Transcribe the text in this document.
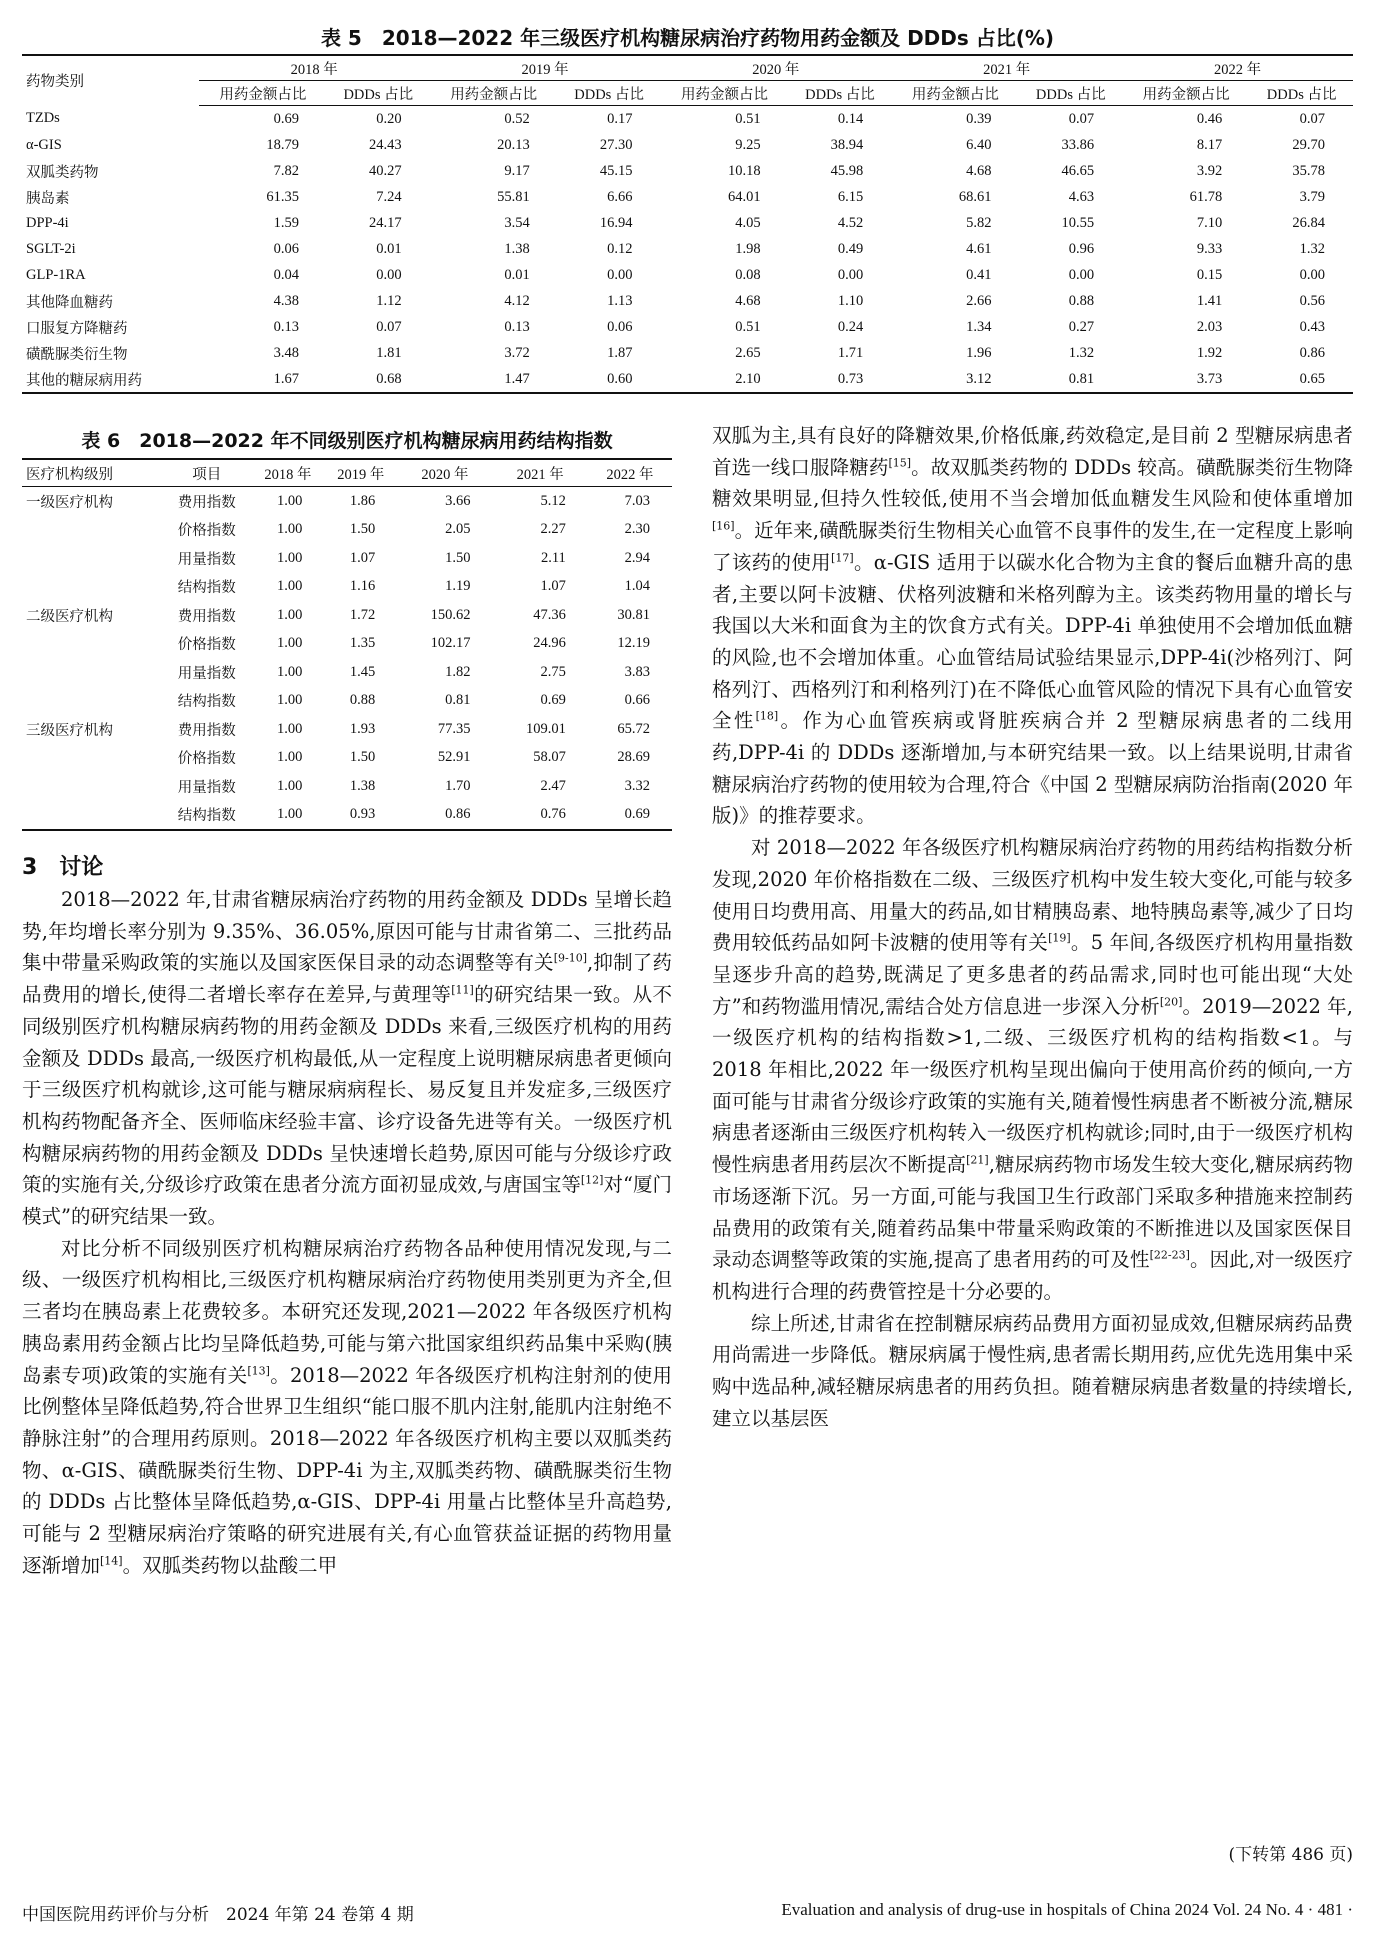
表 5　2018—2022 年三级医疗机构糖尿病治疗药物用药金额及 DDDs 占比(%)
药物类别	2018 年		2019 年		2020 年		2021 年		2022 年	
	用药金额占比	DDDs 占比	用药金额占比	DDDs 占比	用药金额占比	DDDs 占比	用药金额占比	DDDs 占比	用药金额占比	DDDs 占比
TZDs	0.69	0.20	0.52	0.17	0.51	0.14	0.39	0.07	0.46	0.07
α-GIS	18.79	24.43	20.13	27.30	9.25	38.94	6.40	33.86	8.17	29.70
双胍类药物	7.82	40.27	9.17	45.15	10.18	45.98	4.68	46.65	3.92	35.78
胰岛素	61.35	7.24	55.81	6.66	64.01	6.15	68.61	4.63	61.78	3.79
DPP-4i	1.59	24.17	3.54	16.94	4.05	4.52	5.82	10.55	7.10	26.84
SGLT-2i	0.06	0.01	1.38	0.12	1.98	0.49	4.61	0.96	9.33	1.32
GLP-1RA	0.04	0.00	0.01	0.00	0.08	0.00	0.41	0.00	0.15	0.00
其他降血糖药	4.38	1.12	4.12	1.13	4.68	1.10	2.66	0.88	1.41	0.56
口服复方降糖药	0.13	0.07	0.13	0.06	0.51	0.24	1.34	0.27	2.03	0.43
磺酰脲类衍生物	3.48	1.81	3.72	1.87	2.65	1.71	1.96	1.32	1.92	0.86
其他的糖尿病用药	1.67	0.68	1.47	0.60	2.10	0.73	3.12	0.81	3.73	0.65
表 6　2018—2022 年不同级别医疗机构糖尿病用药结构指数
医疗机构级别	项目	2018 年	2019 年	2020 年	2021 年	2022 年
一级医疗机构	费用指数	1.00	1.86	3.66	5.12	7.03
	价格指数	1.00	1.50	2.05	2.27	2.30
	用量指数	1.00	1.07	1.50	2.11	2.94
	结构指数	1.00	1.16	1.19	1.07	1.04
二级医疗机构	费用指数	1.00	1.72	150.62	47.36	30.81
	价格指数	1.00	1.35	102.17	24.96	12.19
	用量指数	1.00	1.45	1.82	2.75	3.83
	结构指数	1.00	0.88	0.81	0.69	0.66
三级医疗机构	费用指数	1.00	1.93	77.35	109.01	65.72
	价格指数	1.00	1.50	52.91	58.07	28.69
	用量指数	1.00	1.38	1.70	2.47	3.32
	结构指数	1.00	0.93	0.86	0.76	0.69
3　讨论

2018—2022 年,甘肃省糖尿病治疗药物的用药金额及 DDDs 呈增长趋势,年均增长率分别为 9.35%、36.05%,原因可能与甘肃省第二、三批药品集中带量采购政策的实施以及国家医保目录的动态调整等有关[9-10],抑制了药品费用的增长,使得二者增长率存在差异,与黄理等[11]的研究结果一致。从不同级别医疗机构糖尿病药物的用药金额及 DDDs 来看,三级医疗机构的用药金额及 DDDs 最高,一级医疗机构最低,从一定程度上说明糖尿病患者更倾向于三级医疗机构就诊,这可能与糖尿病病程长、易反复且并发症多,三级医疗机构药物配备齐全、医师临床经验丰富、诊疗设备先进等有关。一级医疗机构糖尿病药物的用药金额及 DDDs 呈快速增长趋势,原因可能与分级诊疗政策的实施有关,分级诊疗政策在患者分流方面初显成效,与唐国宝等[12]对“厦门模式”的研究结果一致。

对比分析不同级别医疗机构糖尿病治疗药物各品种使用情况发现,与二级、一级医疗机构相比,三级医疗机构糖尿病治疗药物使用类别更为齐全,但三者均在胰岛素上花费较多。本研究还发现,2021—2022 年各级医疗机构胰岛素用药金额占比均呈降低趋势,可能与第六批国家组织药品集中采购(胰岛素专项)政策的实施有关[13]。2018—2022 年各级医疗机构注射剂的使用比例整体呈降低趋势,符合世界卫生组织“能口服不肌内注射,能肌内注射绝不静脉注射”的合理用药原则。2018—2022 年各级医疗机构主要以双胍类药物、α-GIS、磺酰脲类衍生物、DPP-4i 为主,双胍类药物、磺酰脲类衍生物的 DDDs 占比整体呈降低趋势,α-GIS、DPP-4i 用量占比整体呈升高趋势,可能与 2 型糖尿病治疗策略的研究进展有关,有心血管获益证据的药物用量逐渐增加[14]。双胍类药物以盐酸二甲

双胍为主,具有良好的降糖效果,价格低廉,药效稳定,是目前 2 型糖尿病患者首选一线口服降糖药[15]。故双胍类药物的 DDDs 较高。磺酰脲类衍生物降糖效果明显,但持久性较低,使用不当会增加低血糖发生风险和使体重增加[16]。近年来,磺酰脲类衍生物相关心血管不良事件的发生,在一定程度上影响了该药的使用[17]。α-GIS 适用于以碳水化合物为主食的餐后血糖升高的患者,主要以阿卡波糖、伏格列波糖和米格列醇为主。该类药物用量的增长与我国以大米和面食为主的饮食方式有关。DPP-4i 单独使用不会增加低血糖的风险,也不会增加体重。心血管结局试验结果显示,DPP-4i(沙格列汀、阿格列汀、西格列汀和利格列汀)在不降低心血管风险的情况下具有心血管安全性[18]。作为心血管疾病或肾脏疾病合并 2 型糖尿病患者的二线用药,DPP-4i 的 DDDs 逐渐增加,与本研究结果一致。以上结果说明,甘肃省糖尿病治疗药物的使用较为合理,符合《中国 2 型糖尿病防治指南(2020 年版)》的推荐要求。

对 2018—2022 年各级医疗机构糖尿病治疗药物的用药结构指数分析发现,2020 年价格指数在二级、三级医疗机构中发生较大变化,可能与较多使用日均费用高、用量大的药品,如甘精胰岛素、地特胰岛素等,减少了日均费用较低药品如阿卡波糖的使用等有关[19]。5 年间,各级医疗机构用量指数呈逐步升高的趋势,既满足了更多患者的药品需求,同时也可能出现“大处方”和药物滥用情况,需结合处方信息进一步深入分析[20]。2019—2022 年,一级医疗机构的结构指数>1,二级、三级医疗机构的结构指数<1。与 2018 年相比,2022 年一级医疗机构呈现出偏向于使用高价药的倾向,一方面可能与甘肃省分级诊疗政策的实施有关,随着慢性病患者不断被分流,糖尿病患者逐渐由三级医疗机构转入一级医疗机构就诊;同时,由于一级医疗机构慢性病患者用药层次不断提高[21],糖尿病药物市场发生较大变化,糖尿病药物市场逐渐下沉。另一方面,可能与我国卫生行政部门采取多种措施来控制药品费用的政策有关,随着药品集中带量采购政策的不断推进以及国家医保目录动态调整等政策的实施,提高了患者用药的可及性[22-23]。因此,对一级医疗机构进行合理的药费管控是十分必要的。

综上所述,甘肃省在控制糖尿病药品费用方面初显成效,但糖尿病药品费用尚需进一步降低。糖尿病属于慢性病,患者需长期用药,应优先选用集中采购中选品种,减轻糖尿病患者的用药负担。随着糖尿病患者数量的持续增长,建立以基层医

(下转第 486 页)
中国医院用药评价与分析　2024 年第 24 卷第 4 期	Evaluation and analysis of drug-use in hospitals of China 2024 Vol. 24 No. 4 · 481 ·
